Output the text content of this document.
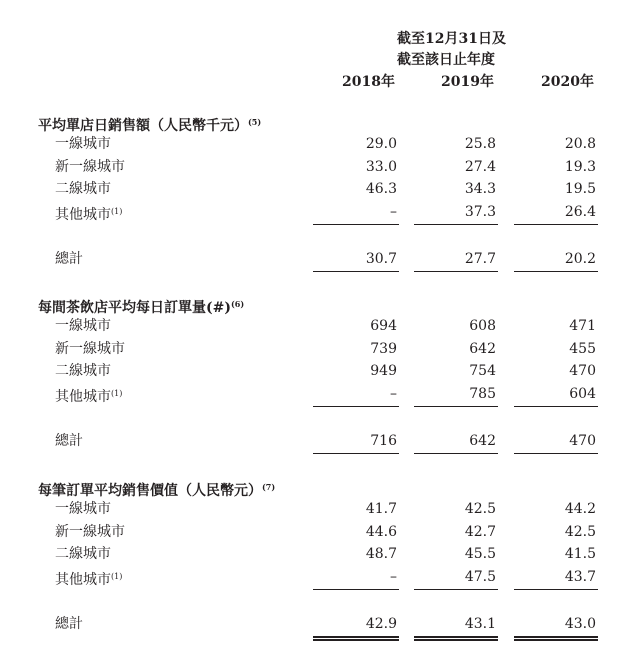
截至12月31日及
截至該日止年度
2018年	2019年	2020年
平均單店日銷售額（人民幣千元）$^{(5)}$
一線城市	29.0	25.8	20.8
新一線城市	33.0	27.4	19.3
二線城市	46.3	34.3	19.5
其他城市$^{(1)}$	–	37.3	26.4
總計	30.7	27.7	20.2
每間茶飲店平均每日訂單量(#)$^{(6)}$
一線城市	694	608	471
新一線城市	739	642	455
二線城市	949	754	470
其他城市$^{(1)}$	–	785	604
總計	716	642	470
每筆訂單平均銷售價值（人民幣元）$^{(7)}$
一線城市	41.7	42.5	44.2
新一線城市	44.6	42.7	42.5
二線城市	48.7	45.5	41.5
其他城市$^{(1)}$	–	47.5	43.7
總計	42.9	43.1	43.0
